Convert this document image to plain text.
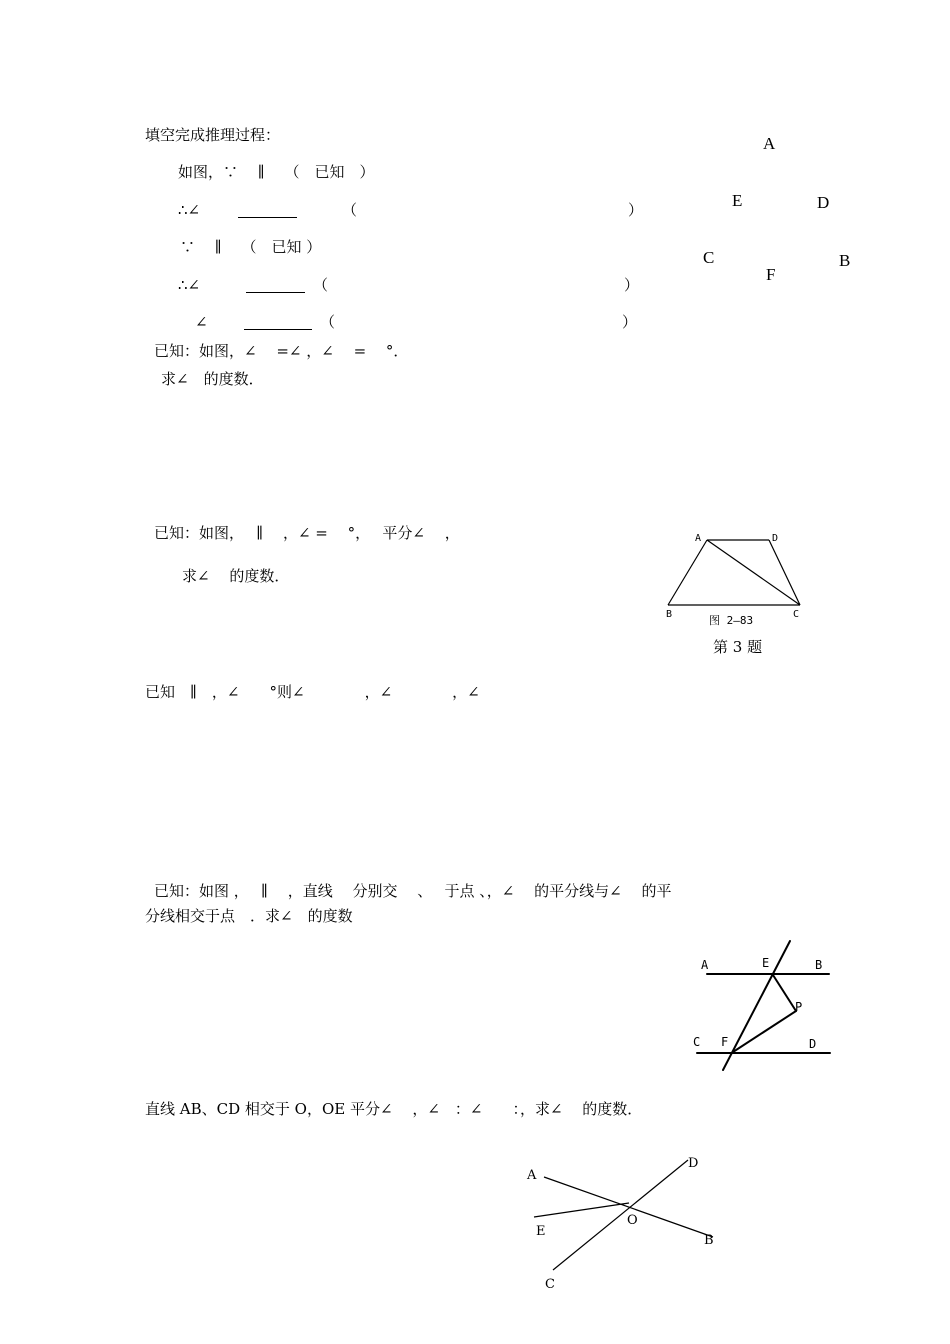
填空完成推理过程：
如图，∵　 ∥　 （　已知　）
∴∠	（	）
∵　 ∥　 （　已知 ）
∴∠	（	）
∠	（	）
A
E	D
C
F
B
已知：如图，∠　 =∠ ，∠　 =　 °．
求∠　的度数．
已知：如图，　 ∥　 ，∠ =　 °，　 平分∠　 ，
求∠　 的度数．
A	D
B	C
图 2—83
第 3 题
已知　∥　，∠　　°则∠　　　　，∠　　　　，∠
已知：如图 ，　 ∥　 ，直线　 分别交　 、　 于点 、，∠　 的平分线与∠　 的平
分线相交于点　．求∠　的度数
A	E	B
P
C F	D
直线 AB、CD 相交于 O，OE 平分∠　 ，∠　：∠　　：，求∠　 的度数．
A
D
E
O
B
C
